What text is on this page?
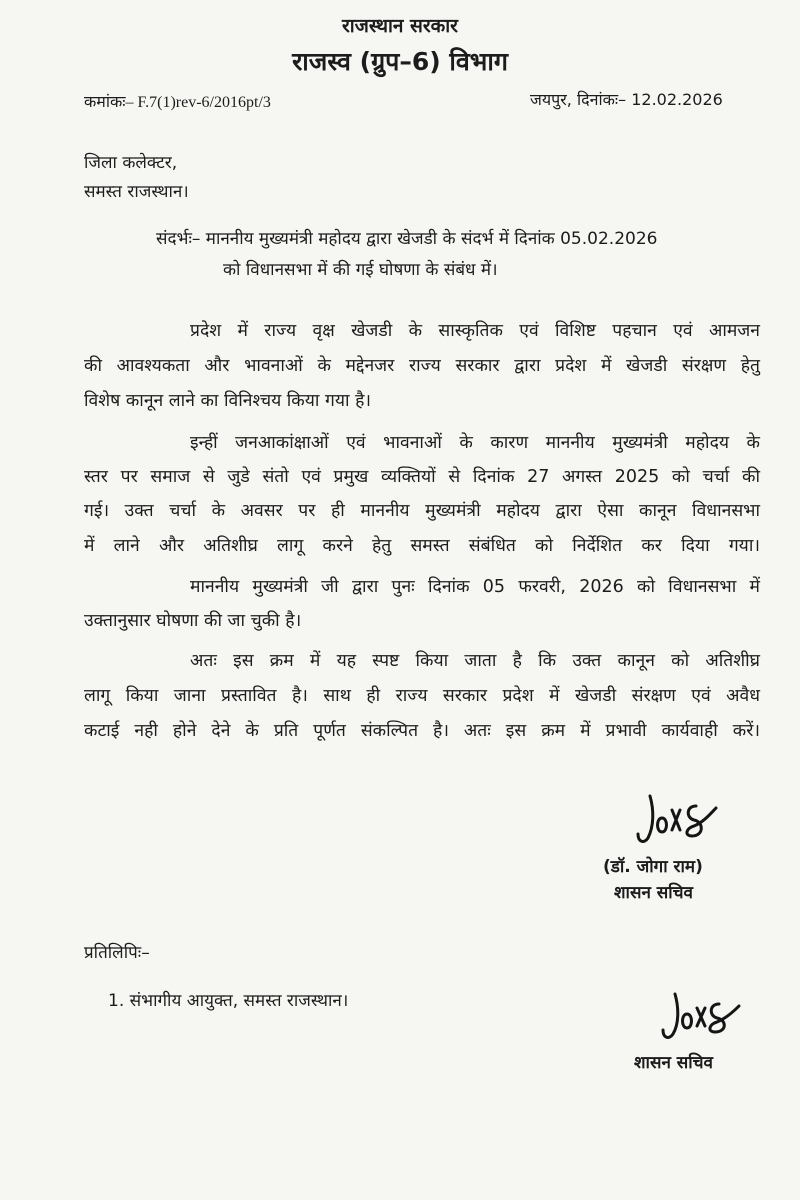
राजस्थान सरकार
राजस्व (ग्रुप–6) विभाग
कमांकः– F.7(1)rev-6/2016pt/3	जयपुर, दिनांकः– 12.02.2026
जिला कलेक्टर,
समस्त राजस्थान।
संदर्भः– माननीय मुख्यमंत्री महोदय द्वारा खेजडी के संदर्भ में दिनांक 05.02.2026
को विधानसभा में की गई घोषणा के संबंध में।
प्रदेश में राज्य वृक्ष खेजडी के सास्कृतिक एवं विशिष्ट पहचान एवं आमजन
की आवश्यकता और भावनाओं के मद्देनजर राज्य सरकार द्वारा प्रदेश में खेजडी संरक्षण हेतु
विशेष कानून लाने का विनिश्चय किया गया है।
इन्हीं जनआकांक्षाओं एवं भावनाओं के कारण माननीय मुख्यमंत्री महोदय के
स्तर पर समाज से जुडे संतो एवं प्रमुख व्यक्तियों से दिनांक 27 अगस्त 2025 को चर्चा की
गई। उक्त चर्चा के अवसर पर ही माननीय मुख्यमंत्री महोदय द्वारा ऐसा कानून विधानसभा
में लाने और अतिशीघ्र लागू करने हेतु समस्त संबंधित को निर्देशित कर दिया गया।
माननीय मुख्यमंत्री जी द्वारा पुनः दिनांक 05 फरवरी, 2026 को विधानसभा में
उक्तानुसार घोषणा की जा चुकी है।
अतः इस क्रम में यह स्पष्ट किया जाता है कि उक्त कानून को अतिशीघ्र
लागू किया जाना प्रस्तावित है। साथ ही राज्य सरकार प्रदेश में खेजडी संरक्षण एवं अवैध
कटाई नही होने देने के प्रति पूर्णत संकल्पित है। अतः इस क्रम में प्रभावी कार्यवाही करें।
(डॉ. जोगा राम)
शासन सचिव
प्रतिलिपिः–
1. संभागीय आयुक्त, समस्त राजस्थान।
शासन सचिव
